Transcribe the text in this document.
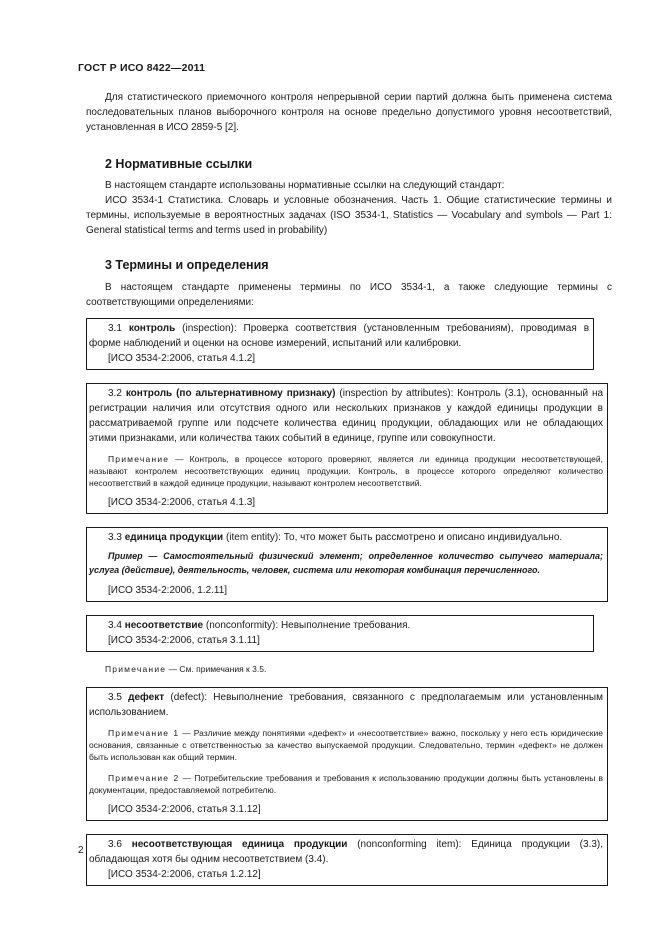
ГОСТ Р ИСО 8422—2011

Для статистического приемочного контроля непрерывной серии партий должна быть применена система последовательных планов выборочного контроля на основе предельно допустимого уровня несоответствий, установленная в ИСО 2859-5 [2].

2 Нормативные ссылки

В настоящем стандарте использованы нормативные ссылки на следующий стандарт:

ИСО 3534-1 Статистика. Словарь и условные обозначения. Часть 1. Общие статистические термины и термины, используемые в вероятностных задачах (ISO 3534-1, Statistics — Vocabulary and symbols — Part 1: General statistical terms and terms used in probability)

3 Термины и определения

В настоящем стандарте применены термины по ИСО 3534-1, а также следующие термины с соответствующими определениями:

3.1 контроль (inspection): Проверка соответствия (установленным требованиям), проводимая в форме наблюдений и оценки на основе измерений, испытаний или калибровки.

[ИСО 3534-2:2006, статья 4.1.2]

3.2 контроль (по альтернативному признаку) (inspection by attributes): Контроль (3.1), основанный на регистрации наличия или отсутствия одного или нескольких признаков у каждой единицы продукции в рассматриваемой группе или подсчете количества единиц продукции, обладающих или не обладающих этими признаками, или количества таких событий в единице, группе или совокупности.

Примечание — Контроль, в процессе которого проверяют, является ли единица продукции несоответствующей, называют контролем несоответствующих единиц продукции. Контроль, в процессе которого определяют количество несоответствий в каждой единице продукции, называют контролем несоответствий.

[ИСО 3534-2:2006, статья 4.1.3]

3.3 единица продукции (item entity): То, что может быть рассмотрено и описано индивидуально.

Пример — Самостоятельный физический элемент; определенное количество сыпучего материала; услуга (действие), деятельность, человек, система или некоторая комбинация перечисленного.

[ИСО 3534-2:2006, 1.2.11]

3.4 несоответствие (nonconformity): Невыполнение требования.

[ИСО 3534-2:2006, статья 3.1.11]

Примечание — См. примечания к 3.5.

3.5 дефект (defect): Невыполнение требования, связанного с предполагаемым или установленным использованием.

Примечание 1 — Различие между понятиями «дефект» и «несоответствие» важно, поскольку у него есть юридические основания, связанные с ответственностью за качество выпускаемой продукции. Следовательно, термин «дефект» не должен быть использован как общий термин.

Примечание 2 — Потребительские требования и требования к использованию продукции должны быть установлены в документации, предоставляемой потребителю.

[ИСО 3534-2:2006, статья 3.1.12]

3.6 несоответствующая единица продукции (nonconforming item): Единица продукции (3.3), обладающая хотя бы одним несоответствием (3.4).

[ИСО 3534-2:2006, статья 1.2.12]

2
